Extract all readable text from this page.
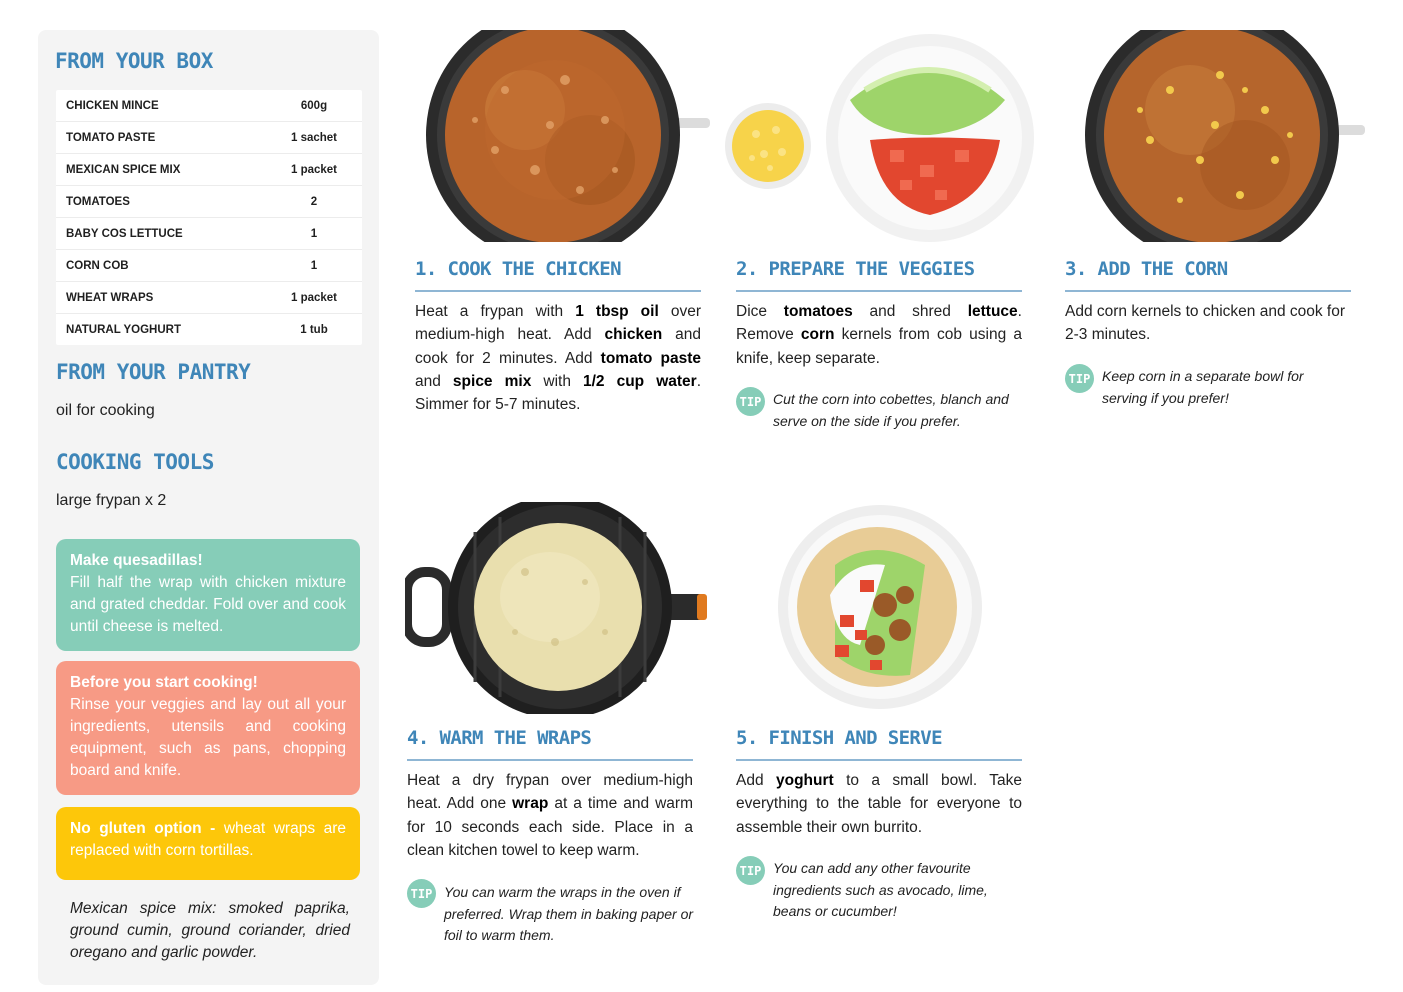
FROM YOUR BOX
CHICKEN MINCE	600g
TOMATO PASTE	1 sachet
MEXICAN SPICE MIX	1 packet
TOMATOES	2
BABY COS LETTUCE	1
CORN COB	1
WHEAT WRAPS	1 packet
NATURAL YOGHURT	1 tub
FROM YOUR PANTRY

oil for cooking

COOKING TOOLS

large frypan x 2

Make quesadillas!
Fill half the wrap with chicken mixture and grated cheddar. Fold over and cook until cheese is melted.
Before you start cooking!
Rinse your veggies and lay out all your ingredients, utensils and cooking equipment, such as pans, chopping board and knife.
No gluten option - wheat wraps are replaced with corn tortillas.

Mexican spice mix: smoked paprika, ground cumin, ground coriander, dried oregano and garlic powder.

1. COOK THE CHICKEN

Heat a frypan with 1 tbsp oil over medium-high heat. Add chicken and cook for 2 minutes. Add tomato paste and spice mix with 1/2 cup water. Simmer for 5-7 minutes.

2. PREPARE THE VEGGIES

Dice tomatoes and shred lettuce. Remove corn kernels from cob using a knife, keep separate.

TIP Cut the corn into cobettes, blanch and serve on the side if you prefer.

3. ADD THE CORN

Add corn kernels to chicken and cook for 2-3 minutes.

TIP Keep corn in a separate bowl for serving if you prefer!

4. WARM THE WRAPS

Heat a dry frypan over medium-high heat. Add one wrap at a time and warm for 10 seconds each side. Place in a clean kitchen towel to keep warm.

TIP You can warm the wraps in the oven if preferred. Wrap them in baking paper or foil to warm them.

5. FINISH AND SERVE

Add yoghurt to a small bowl. Take everything to the table for everyone to assemble their own burrito.

TIP You can add any other favourite ingredients such as avocado, lime, beans or cucumber!
